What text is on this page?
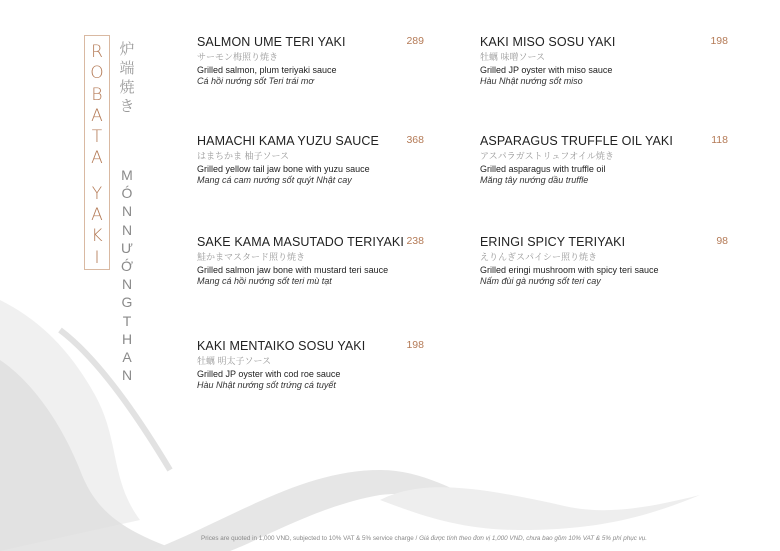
R
O
B
A
T
A
Y
A
K
I
炉
端
焼
き
M
Ó
N
N
Ư
Ớ
N
G
T
H
A
N
SALMON UME TERI YAKI	289
サーモン梅照り焼き
Grilled salmon, plum teriyaki sauce
Cá hồi nướng sốt Teri trái mơ
HAMACHI KAMA YUZU SAUCE	368
はまちかま 柚子ソース
Grilled yellow tail jaw bone with yuzu sauce
Mang cá cam nướng sốt quýt Nhật cay
SAKE KAMA MASUTADO TERIYAKI 238
鮭かまマスタード照り焼き
Grilled salmon jaw bone with mustard teri sauce
Mang cá hồi nướng sốt teri mù tạt
KAKI MENTAIKO SOSU YAKI	198
牡蠣 明太子ソース
Grilled JP oyster with cod roe sauce
Hàu Nhật nướng sốt trứng cá tuyết
KAKI MISO SOSU YAKI	198
牡蠣 味噌ソース
Grilled JP oyster with miso sauce
Hàu Nhật nướng sốt miso
ASPARAGUS TRUFFLE OIL YAKI	118
アスパラガストリュフオイル焼き
Grilled asparagus with truffle oil
Măng tây nướng dầu truffle
ERINGI SPICY TERIYAKI	98
えりんぎスパイシー照り焼き
Grilled eringi mushroom with spicy teri sauce
Nấm đùi gà nướng sốt teri cay
Prices are quoted in 1,000 VND, subjected to 10% VAT & 5% service charge / Giá được tính theo đơn vị 1,000 VND, chưa bao gồm 10% VAT & 5% phí phục vụ.
